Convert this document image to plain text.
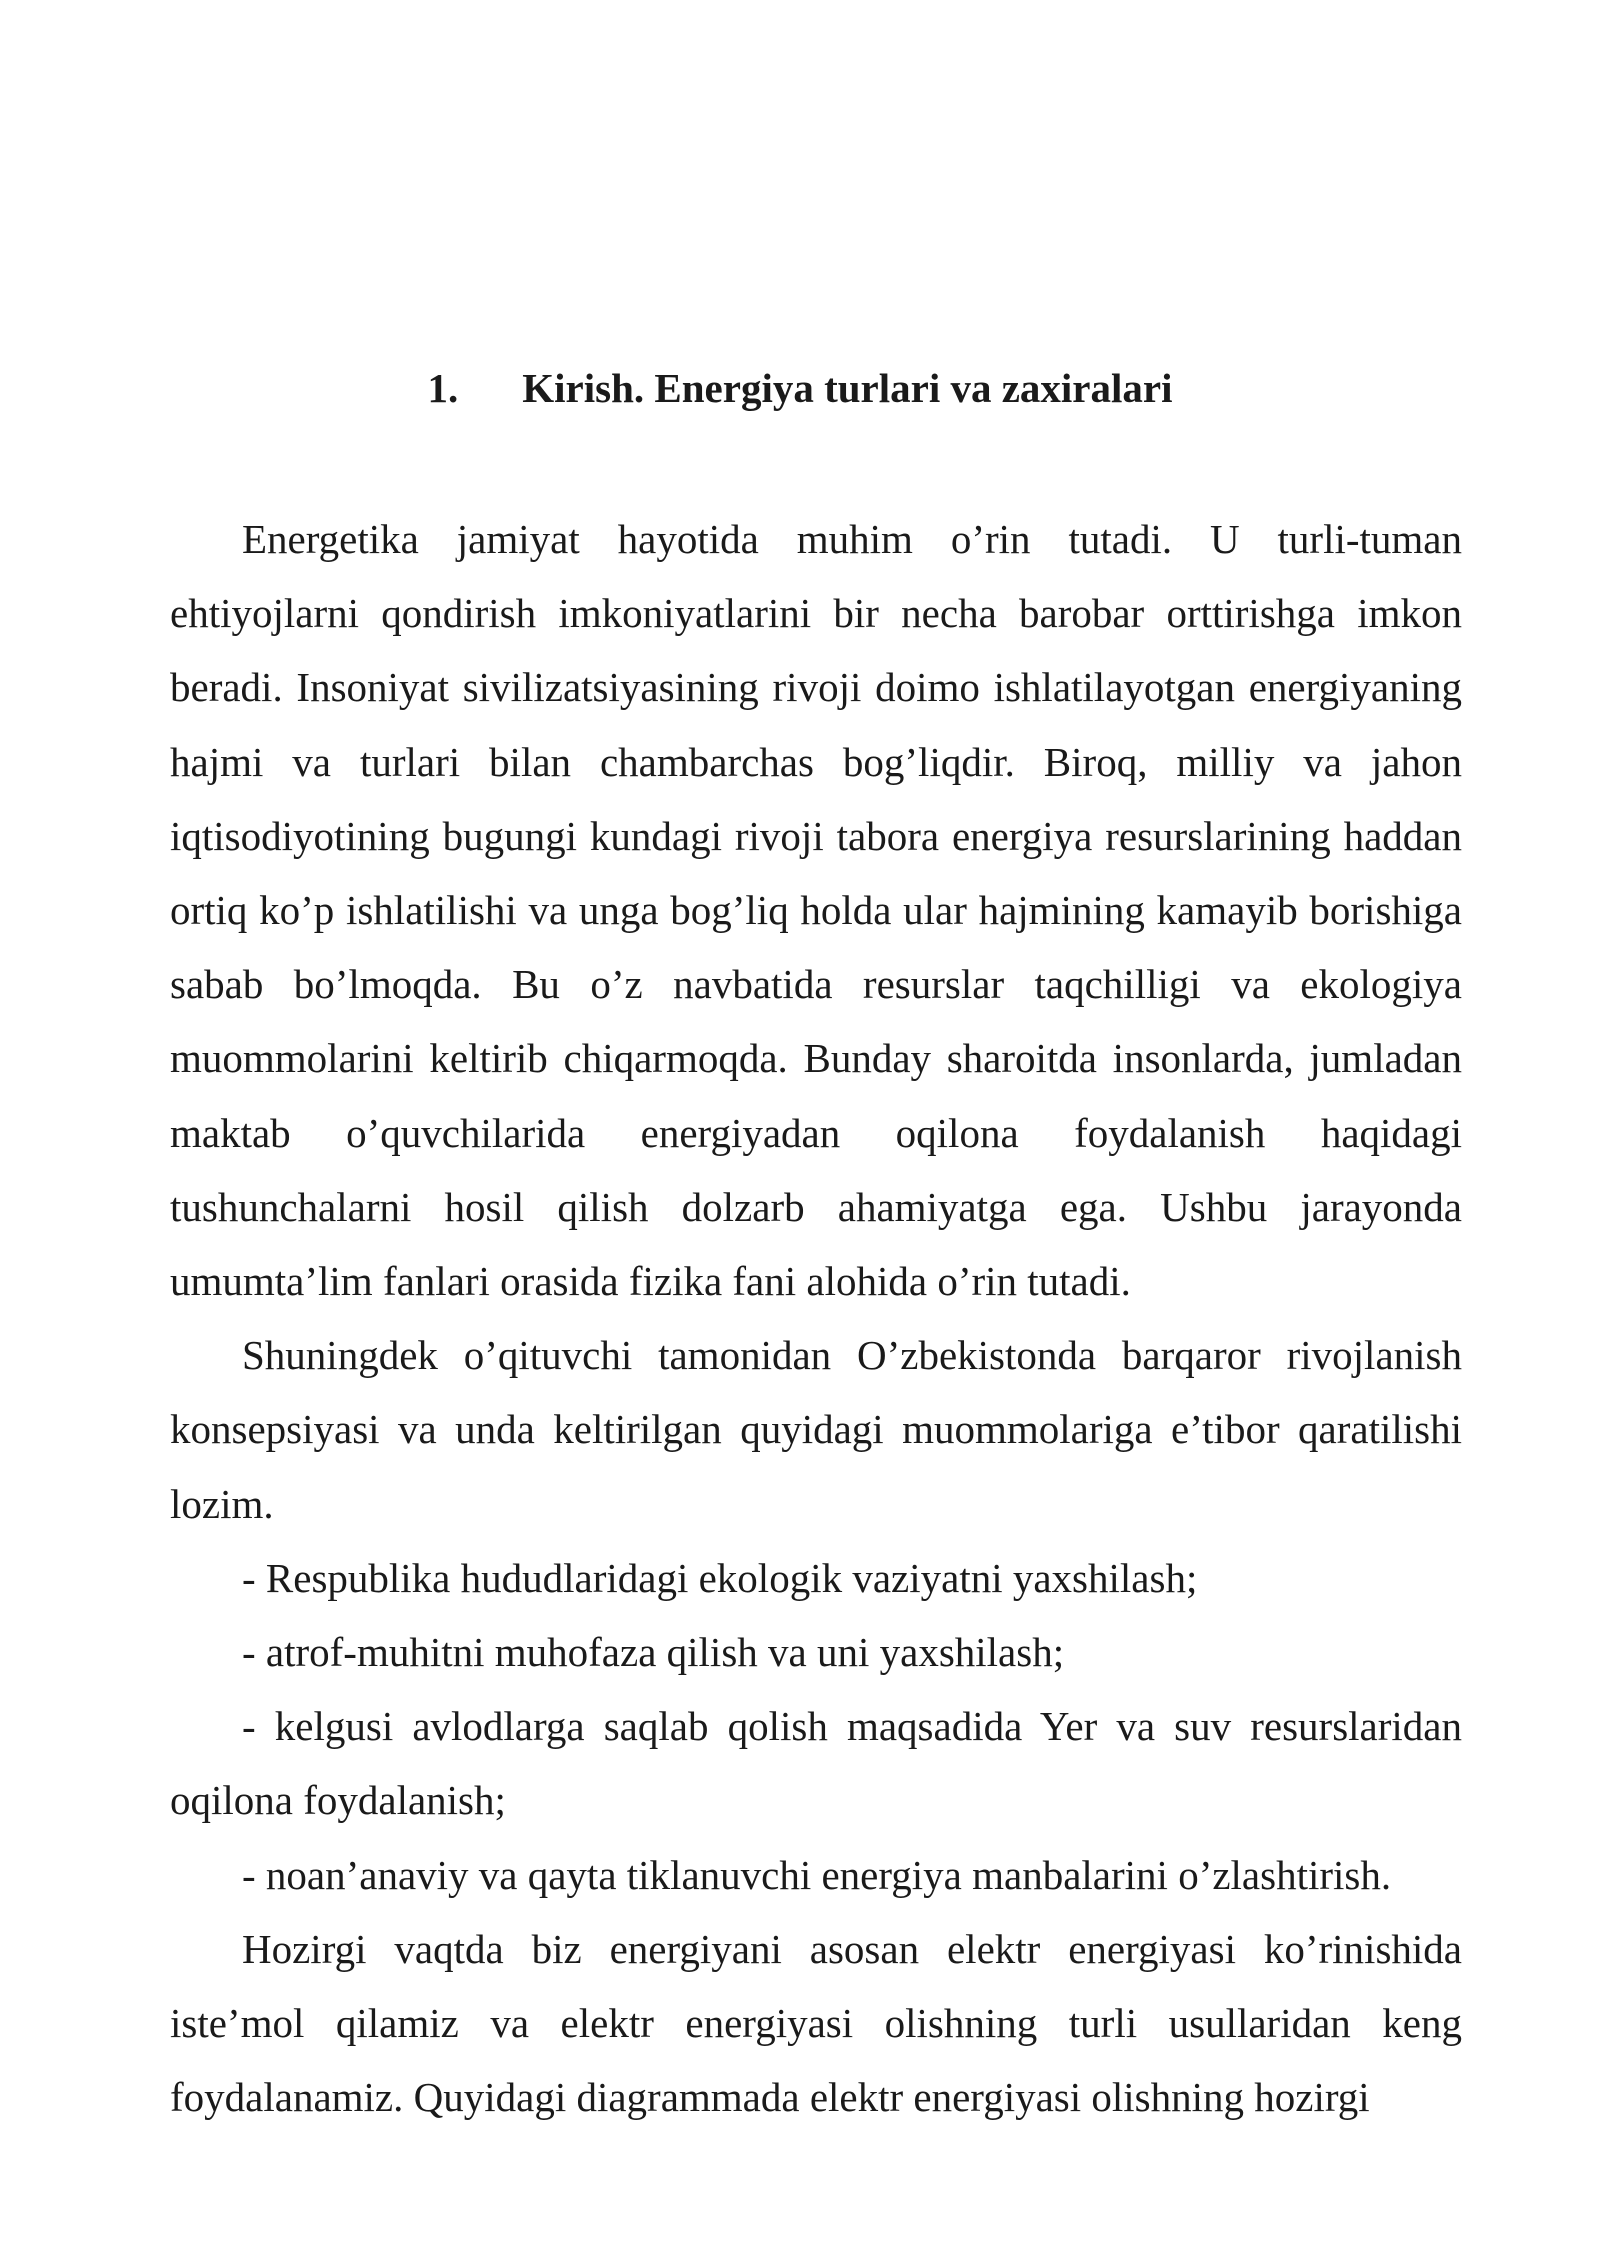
1. Kirish. Energiya turlari va zaxiralari

Energetika jamiyat hayotida muhim o’rin tutadi. U turli-tuman ehtiyojlarni qondirish imkoniyatlarini bir necha barobar orttirishga imkon beradi. Insoniyat sivilizatsiyasining rivoji doimo ishlatilayotgan energiyaning hajmi va turlari bilan chambarchas bog’liqdir. Biroq, milliy va jahon iqtisodiyotining bugungi kundagi rivoji tabora energiya resurslarining haddan ortiq ko’p ishlatilishi va unga bog’liq holda ular hajmining kamayib borishiga sabab bo’lmoqda. Bu o’z navbatida resurslar taqchilligi va ekologiya muommolarini keltirib chiqarmoqda. Bunday sharoitda insonlarda, jumladan maktab o’quvchilarida energiyadan oqilona foydalanish haqidagi tushunchalarni hosil qilish dolzarb ahamiyatga ega. Ushbu jarayonda umumta’lim fanlari orasida fizika fani alohida o’rin tutadi.

Shuningdek o’qituvchi tamonidan O’zbekistonda barqaror rivojlanish konsepsiyasi va unda keltirilgan quyidagi muommolariga e’tibor qaratilishi lozim.

- Respublika hududlaridagi ekologik vaziyatni yaxshilash;

- atrof-muhitni muhofaza qilish va uni yaxshilash;

- kelgusi avlodlarga saqlab qolish maqsadida Yer va suv resurslaridan oqilona foydalanish;

- noan’anaviy va qayta tiklanuvchi energiya manbalarini o’zlashtirish.

Hozirgi vaqtda biz energiyani asosan elektr energiyasi ko’rinishida iste’mol qilamiz va elektr energiyasi olishning turli usullaridan keng foydalanamiz. Quyidagi diagrammada elektr energiyasi olishning hozirgi
